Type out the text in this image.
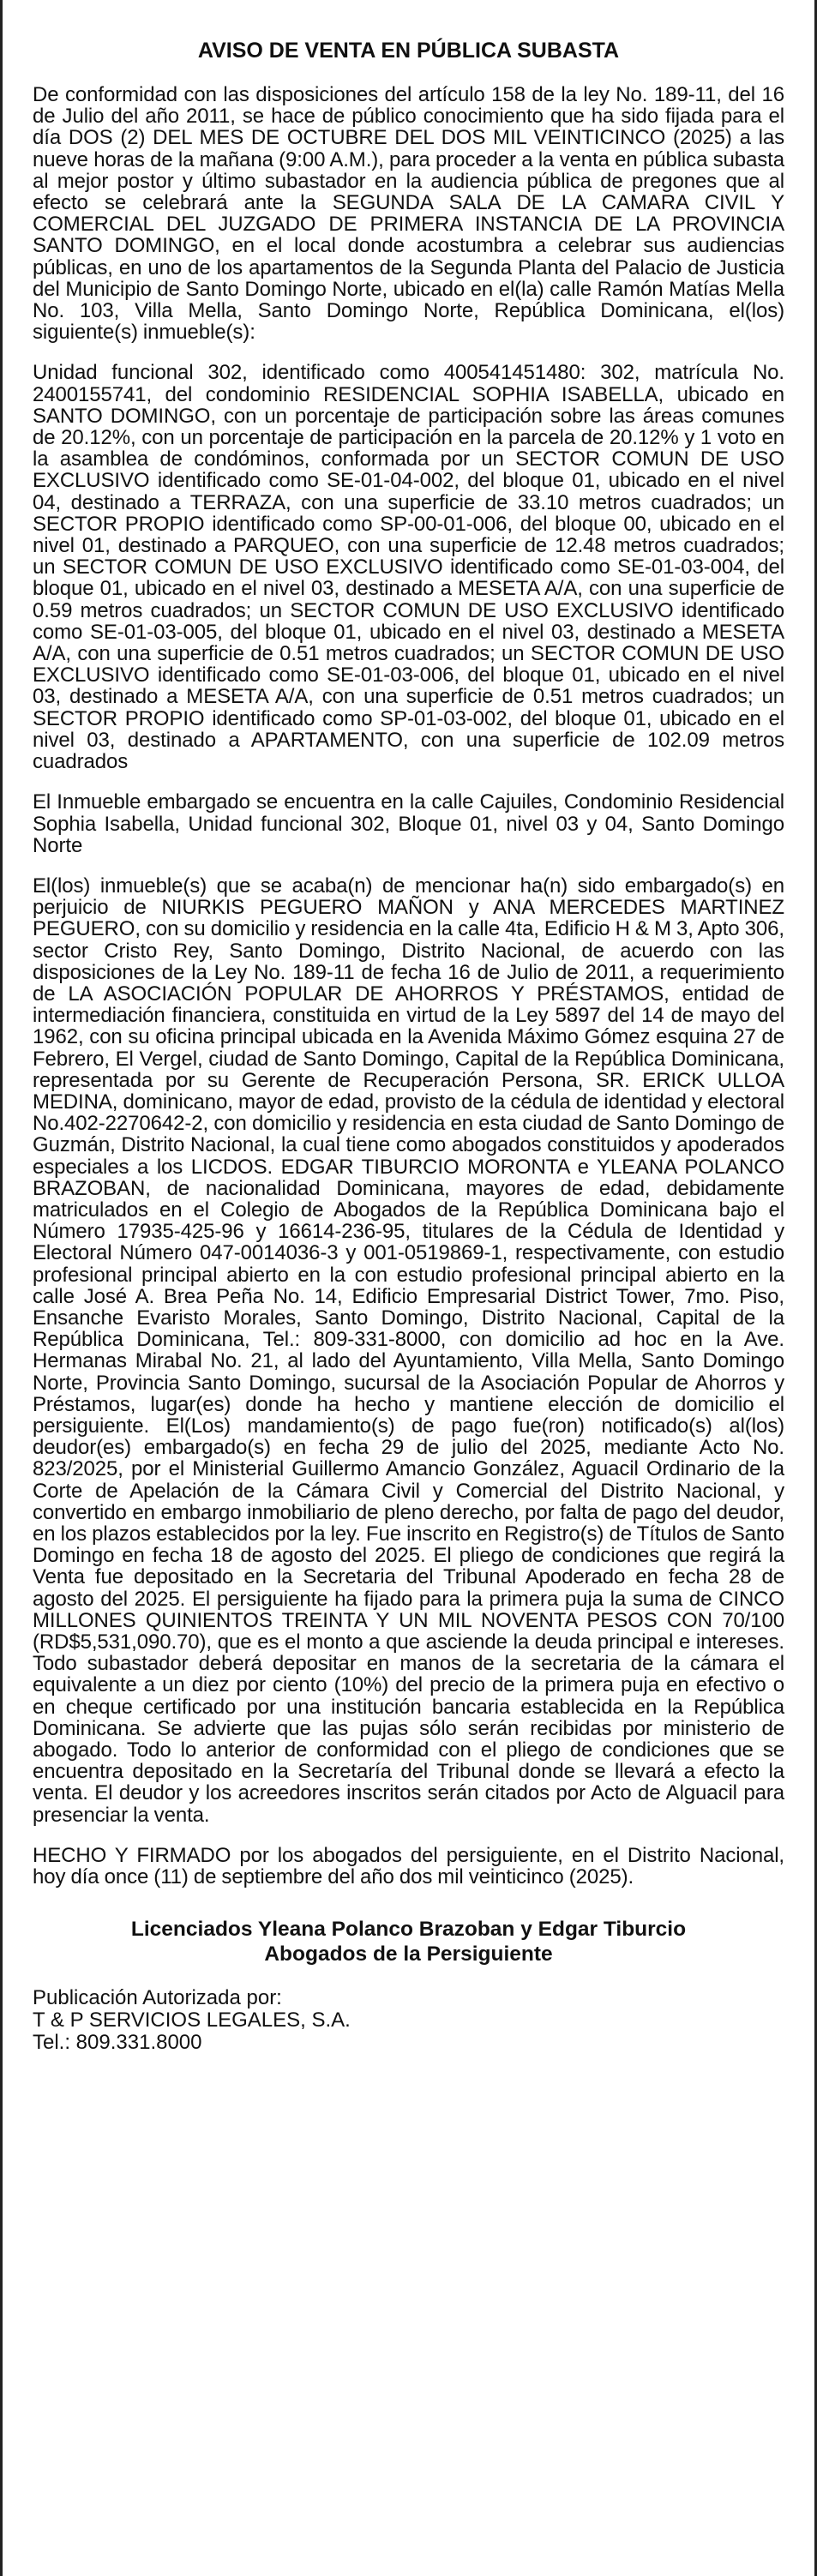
AVISO DE VENTA EN PÚBLICA SUBASTA

De conformidad con las disposiciones del artículo 158 de la ley No. 189-11, del 16 de Julio del año 2011, se hace de público conocimiento que ha sido fijada para el día DOS (2) DEL MES DE OCTUBRE DEL DOS MIL VEINTICINCO (2025) a las nueve horas de la mañana (9:00 A.M.), para proceder a la venta en pública subasta al mejor postor y último subastador en la audiencia pública de pregones que al efecto se celebrará ante la SEGUNDA SALA DE LA CAMARA CIVIL Y COMERCIAL DEL JUZGADO DE PRIMERA INSTANCIA DE LA PROVINCIA SANTO DOMINGO, en el local donde acostumbra a celebrar sus audiencias públicas, en uno de los apartamentos de la Segunda Planta del Palacio de Justicia del Municipio de Santo Domingo Norte, ubicado en el(la) calle Ramón Matías Mella No. 103, Villa Mella, Santo Domingo Norte, República Dominicana, el(los) siguiente(s) inmueble(s):

Unidad funcional 302, identificado como 400541451480: 302, matrícula No. 2400155741, del condominio RESIDENCIAL SOPHIA ISABELLA, ubicado en SANTO DOMINGO, con un porcentaje de participación sobre las áreas comunes de 20.12%, con un porcentaje de participación en la parcela de 20.12% y 1 voto en la asamblea de condóminos, conformada por un SECTOR COMUN DE USO EXCLUSIVO identificado como SE-01-04-002, del bloque 01, ubicado en el nivel 04, destinado a TERRAZA, con una superficie de 33.10 metros cuadrados; un SECTOR PROPIO identificado como SP-00-01-006, del bloque 00, ubicado en el nivel 01, destinado a PARQUEO, con una superficie de 12.48 metros cuadrados; un SECTOR COMUN DE USO EXCLUSIVO identificado como SE-01-03-004, del bloque 01, ubicado en el nivel 03, destinado a MESETA A/A, con una superficie de 0.59 metros cuadrados; un SECTOR COMUN DE USO EXCLUSIVO identificado como SE-01-03-005, del bloque 01, ubicado en el nivel 03, destinado a MESETA A/A, con una superficie de 0.51 metros cuadrados; un SECTOR COMUN DE USO EXCLUSIVO identificado como SE-01-03-006, del bloque 01, ubicado en el nivel 03, destinado a MESETA A/A, con una superficie de 0.51 metros cuadrados; un SECTOR PROPIO identificado como SP-01-03-002, del bloque 01, ubicado en el nivel 03, destinado a APARTAMENTO, con una superficie de 102.09 metros cuadrados

El Inmueble embargado se encuentra en la calle Cajuiles, Condominio Residencial Sophia Isabella, Unidad funcional 302, Bloque 01, nivel 03 y 04, Santo Domingo Norte

El(los) inmueble(s) que se acaba(n) de mencionar ha(n) sido embargado(s) en perjuicio de NIURKIS PEGUERO MAÑON y ANA MERCEDES MARTINEZ PEGUERO, con su domicilio y residencia en la calle 4ta, Edificio H & M 3, Apto 306, sector Cristo Rey, Santo Domingo, Distrito Nacional, de acuerdo con las disposiciones de la Ley No. 189-11 de fecha 16 de Julio de 2011, a requerimiento de LA ASOCIACIÓN POPULAR DE AHORROS Y PRÉSTAMOS, entidad de intermediación financiera, constituida en virtud de la Ley 5897 del 14 de mayo del 1962, con su oficina principal ubicada en la Avenida Máximo Gómez esquina 27 de Febrero, El Vergel, ciudad de Santo Domingo, Capital de la República Dominicana, representada por su Gerente de Recuperación Persona, SR. ERICK ULLOA MEDINA, dominicano, mayor de edad, provisto de la cédula de identidad y electoral No.402-2270642-2, con domicilio y residencia en esta ciudad de Santo Domingo de Guzmán, Distrito Nacional, la cual tiene como abogados constituidos y apoderados especiales a los LICDOS. EDGAR TIBURCIO MORONTA e YLEANA POLANCO BRAZOBAN, de nacionalidad Dominicana, mayores de edad, debidamente matriculados en el Colegio de Abogados de la República Dominicana bajo el Número 17935-425-96 y 16614-236-95, titulares de la Cédula de Identidad y Electoral Número 047-0014036-3 y 001-0519869-1, respectivamente, con estudio profesional principal abierto en la con estudio profesional principal abierto en la calle José A. Brea Peña No. 14, Edificio Empresarial District Tower, 7mo. Piso, Ensanche Evaristo Morales, Santo Domingo, Distrito Nacional, Capital de la República Dominicana, Tel.: 809-331-8000, con domicilio ad hoc en la Ave. Hermanas Mirabal No. 21, al lado del Ayuntamiento, Villa Mella, Santo Domingo Norte, Provincia Santo Domingo, sucursal de la Asociación Popular de Ahorros y Préstamos, lugar(es) donde ha hecho y mantiene elección de domicilio el persiguiente. El(Los) mandamiento(s) de pago fue(ron) notificado(s) al(los) deudor(es) embargado(s) en fecha 29 de julio del 2025, mediante Acto No. 823/2025, por el Ministerial Guillermo Amancio González, Aguacil Ordinario de la Corte de Apelación de la Cámara Civil y Comercial del Distrito Nacional, y convertido en embargo inmobiliario de pleno derecho, por falta de pago del deudor, en los plazos establecidos por la ley. Fue inscrito en Registro(s) de Títulos de Santo Domingo en fecha 18 de agosto del 2025. El pliego de condiciones que regirá la Venta fue depositado en la Secretaria del Tribunal Apoderado en fecha 28 de agosto del 2025. El persiguiente ha fijado para la primera puja la suma de CINCO MILLONES QUINIENTOS TREINTA Y UN MIL NOVENTA PESOS CON 70/100 (RD$5,531,090.70), que es el monto a que asciende la deuda principal e intereses. Todo subastador deberá depositar en manos de la secretaria de la cámara el equivalente a un diez por ciento (10%) del precio de la primera puja en efectivo o en cheque certificado por una institución bancaria establecida en la República Dominicana. Se advierte que las pujas sólo serán recibidas por ministerio de abogado. Todo lo anterior de conformidad con el pliego de condiciones que se encuentra depositado en la Secretaría del Tribunal donde se llevará a efecto la venta. El deudor y los acreedores inscritos serán citados por Acto de Alguacil para presenciar la venta.

HECHO Y FIRMADO por los abogados del persiguiente, en el Distrito Nacional, hoy día once (11) de septiembre del año dos mil veinticinco (2025).

Licenciados Yleana Polanco Brazoban y Edgar Tiburcio
Abogados de la Persiguiente
Publicación Autorizada por:
T & P SERVICIOS LEGALES, S.A.
Tel.: 809.331.8000
